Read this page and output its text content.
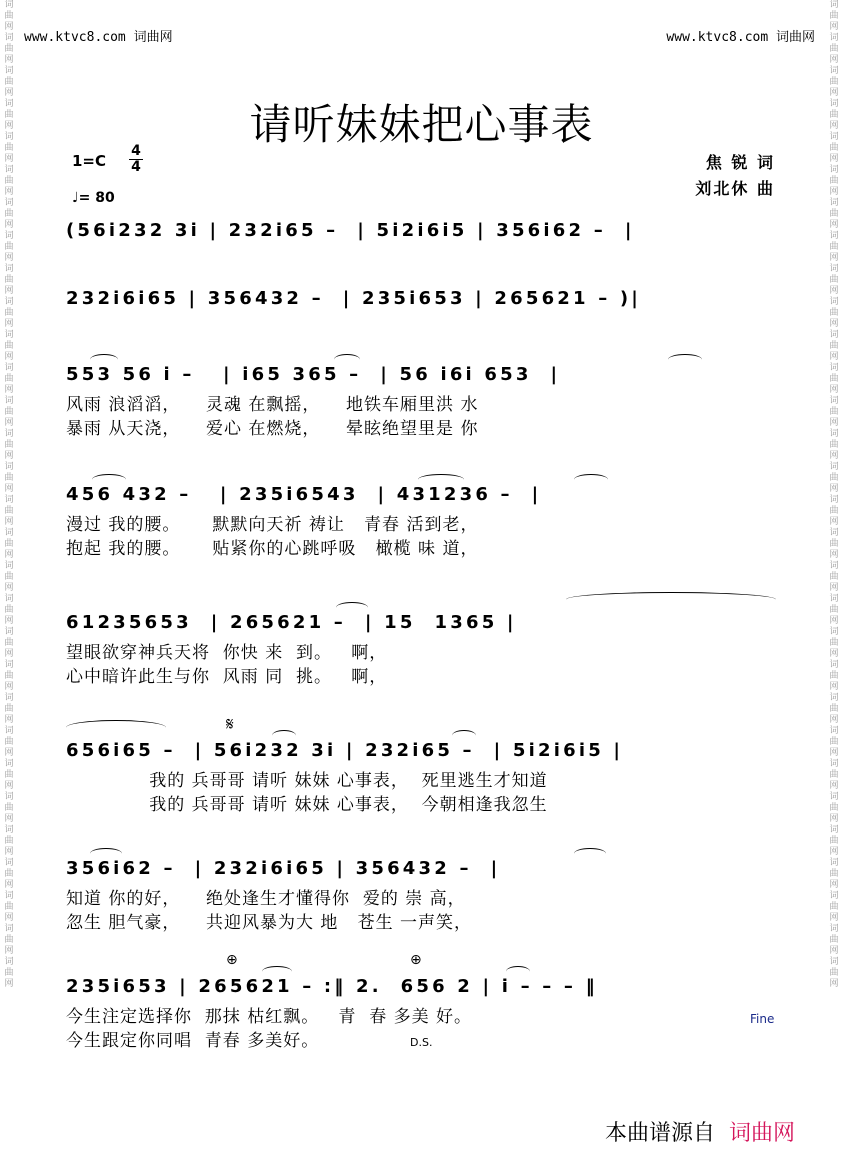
词曲网词曲网词曲网词曲网词曲网词曲网词曲网词曲网词曲网词曲网词曲网词曲网词曲网词曲网词曲网词曲网词曲网词曲网词曲网词曲网词曲网词曲网词曲网词曲网词曲网词曲网词曲网词曲网词曲网词曲网
词曲网词曲网词曲网词曲网词曲网词曲网词曲网词曲网词曲网词曲网词曲网词曲网词曲网词曲网词曲网词曲网词曲网词曲网词曲网词曲网词曲网词曲网词曲网词曲网词曲网词曲网词曲网词曲网词曲网词曲网
www.ktvc8.com 词曲网	www.ktvc8.com 词曲网
请听妹妹把心事表
1=C
4
4
♩= 80
焦 锐 词
刘北休 曲
(56i232 3i | 232i65 –  | 5i2i6i5 | 356i62 –  |
232i6i65 | 356432 –  | 235i653 | 265621 – )|
553 56 i –   | i65 365 –  | 56 i6i 653  |
风雨 浪滔滔，    灵魂 在飘摇，    地铁车厢里洪 水
暴雨 从天浇，    爱心 在燃烧，    晕眩绝望里是 你
456 432 –   | 235i6543  | 431236 –  |
漫过 我的腰。     默默向天祈 祷让   青春 活到老，
抱起 我的腰。     贴紧你的心跳呼吸   橄榄 味 道，
61235653  | 265621 –  | 15  1365 |
望眼欲穿神兵天将  你快 来  到。   啊，
心中暗许此生与你  风雨 同  挑。   啊，
𝄋
656i65 –  | 56i232 3i | 232i65 –  | 5i2i6i5 |
我的 兵哥哥 请听 妹妹 心事表，  死里逃生才知道
我的 兵哥哥 请听 妹妹 心事表，  今朝相逢我忽生
356i62 –  | 232i6i65 | 356432 –  |
知道 你的好，    绝处逢生才懂得你  爱的 崇 高，
忽生 胆气豪，    共迎风暴为大 地   苍生 一声笑，
⊕	⊕
235i653 | 265621 – :‖ 2.  656 2 | i – – – ‖
今生注定选择你  那抹 枯红飘。   青  春 多美 好。
今生跟定你同唱  青春 多美好。
Fine
D.S.
本曲谱源自 词曲网
